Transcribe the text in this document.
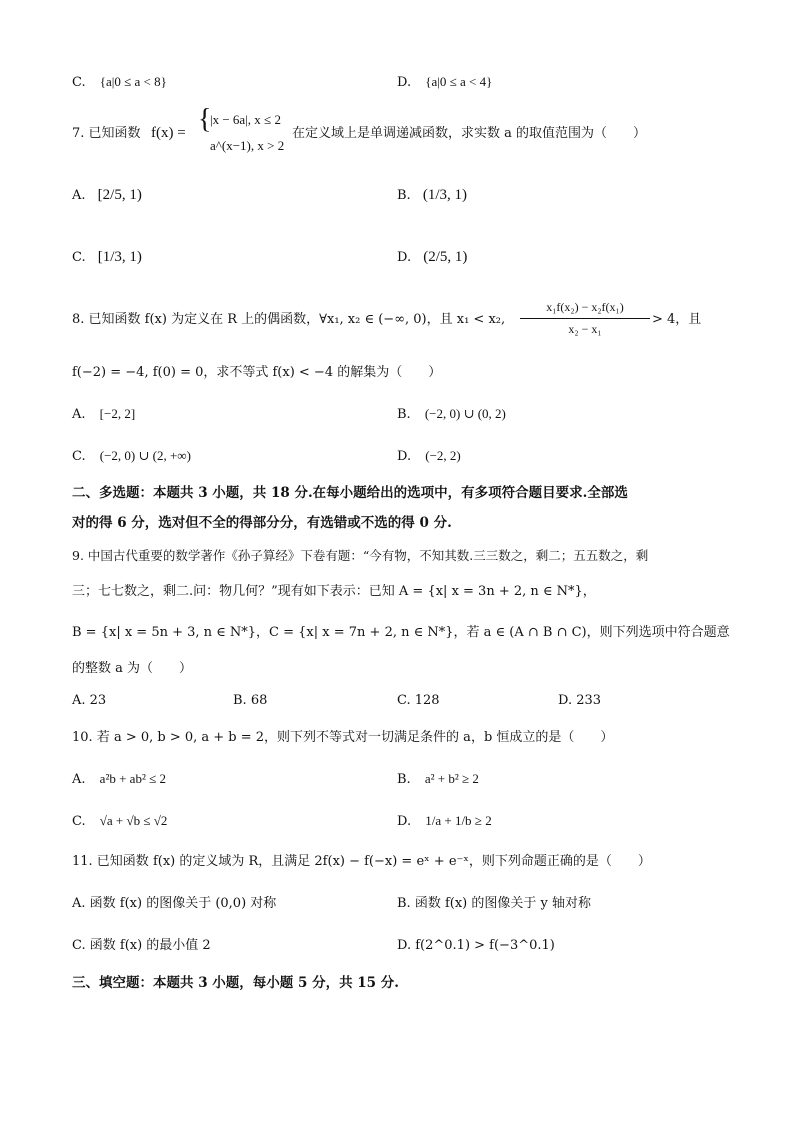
C. {a|0 ≤ a < 8}	D. {a|0 ≤ a < 4}
7. 已知函数 f(x) = {
|x − 6a|, x ≤ 2
a^(x−1), x > 2
在定义域上是单调递减函数，求实数 a 的取值范围为（　　）
A. [2/5, 1)	B. (1/3, 1)
C. [1/3, 1)	D. (2/5, 1)
8. 已知函数 f(x) 为定义在 R 上的偶函数，∀x₁, x₂ ∈ (−∞, 0)，且 x₁ < x₂,
x₁f(x₂) − x₂f(x₁)
x₂ − x₁
> 4，且
f(−2) = −4, f(0) = 0，求不等式 f(x) < −4 的解集为（　　）
A. [−2, 2]	B. (−2, 0) ∪ (0, 2)
C. (−2, 0) ∪ (2, +∞)	D. (−2, 2)
二、多选题：本题共 3 小题，共 18 分.在每小题给出的选项中，有多项符合题目要求.全部选
对的得 6 分，选对但不全的得部分分，有选错或不选的得 0 分.
9. 中国古代重要的数学著作《孙子算经》下卷有题：“今有物，不知其数.三三数之，剩二；五五数之，剩
三；七七数之，剩二.问：物几何？”现有如下表示：已知 A = {x| x = 3n + 2, n ∈ N*}，
B = {x| x = 5n + 3, n ∈ N*}，C = {x| x = 7n + 2, n ∈ N*}，若 a ∈ (A ∩ B ∩ C)，则下列选项中符合题意
的整数 a 为（　　）
A. 23	B. 68	C. 128	D. 233
10. 若 a > 0, b > 0, a + b = 2，则下列不等式对一切满足条件的 a，b 恒成立的是（　　）
A. a²b + ab² ≤ 2	B. a² + b² ≥ 2
C. √a + √b ≤ √2	D. 1/a + 1/b ≥ 2
11. 已知函数 f(x) 的定义域为 R，且满足 2f(x) − f(−x) = eˣ + e⁻ˣ，则下列命题正确的是（　　）
A. 函数 f(x) 的图像关于 (0,0) 对称	B. 函数 f(x) 的图像关于 y 轴对称
C. 函数 f(x) 的最小值 2	D. f(2^0.1) > f(−3^0.1)
三、填空题：本题共 3 小题，每小题 5 分，共 15 分.
